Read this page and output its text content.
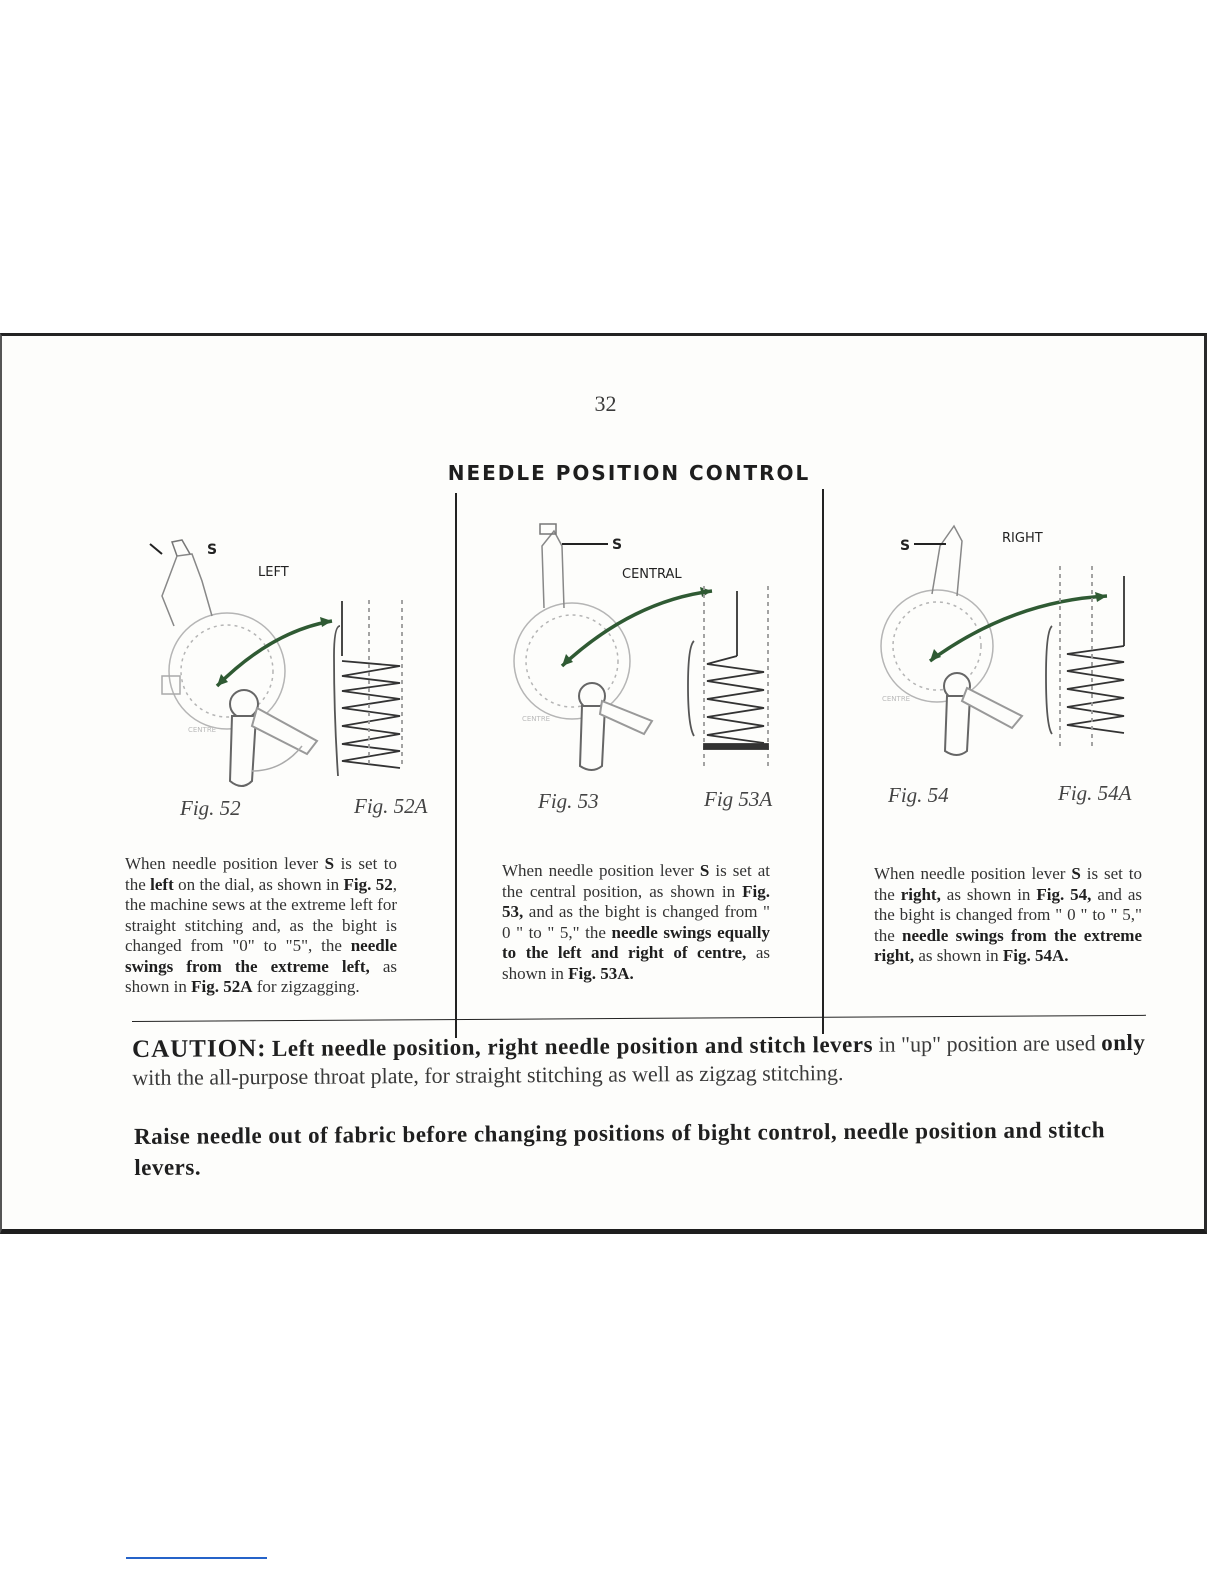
32
NEEDLE POSITION CONTROL
CENTRE
S
LEFT
Fig. 52	Fig. 52A
When needle position lever S is set to the left on the dial, as shown in Fig. 52, the machine sews at the extreme left for straight stitching and, as the bight is changed from "0" to "5", the needle swings from the extreme left, as shown in Fig. 52A for zigzagging.
CENTRE
S
CENTRAL
Fig. 53	Fig 53A
When needle position lever S is set at the central position, as shown in Fig. 53, and as the bight is changed from " 0 " to " 5," the needle swings equally to the left and right of centre, as shown in Fig. 53A.
CENTRE
S	RIGHT
Fig. 54	Fig. 54A
When needle position lever S is set to the right, as shown in Fig. 54, and as the bight is changed from " 0 " to " 5," the needle swings from the extreme right, as shown in Fig. 54A.
CAUTION: Left needle position, right needle position and stitch levers in "up" position are used only with the all-purpose throat plate, for straight stitching as well as zigzag stitching.
Raise needle out of fabric before changing positions of bight control, needle position and stitch levers.
